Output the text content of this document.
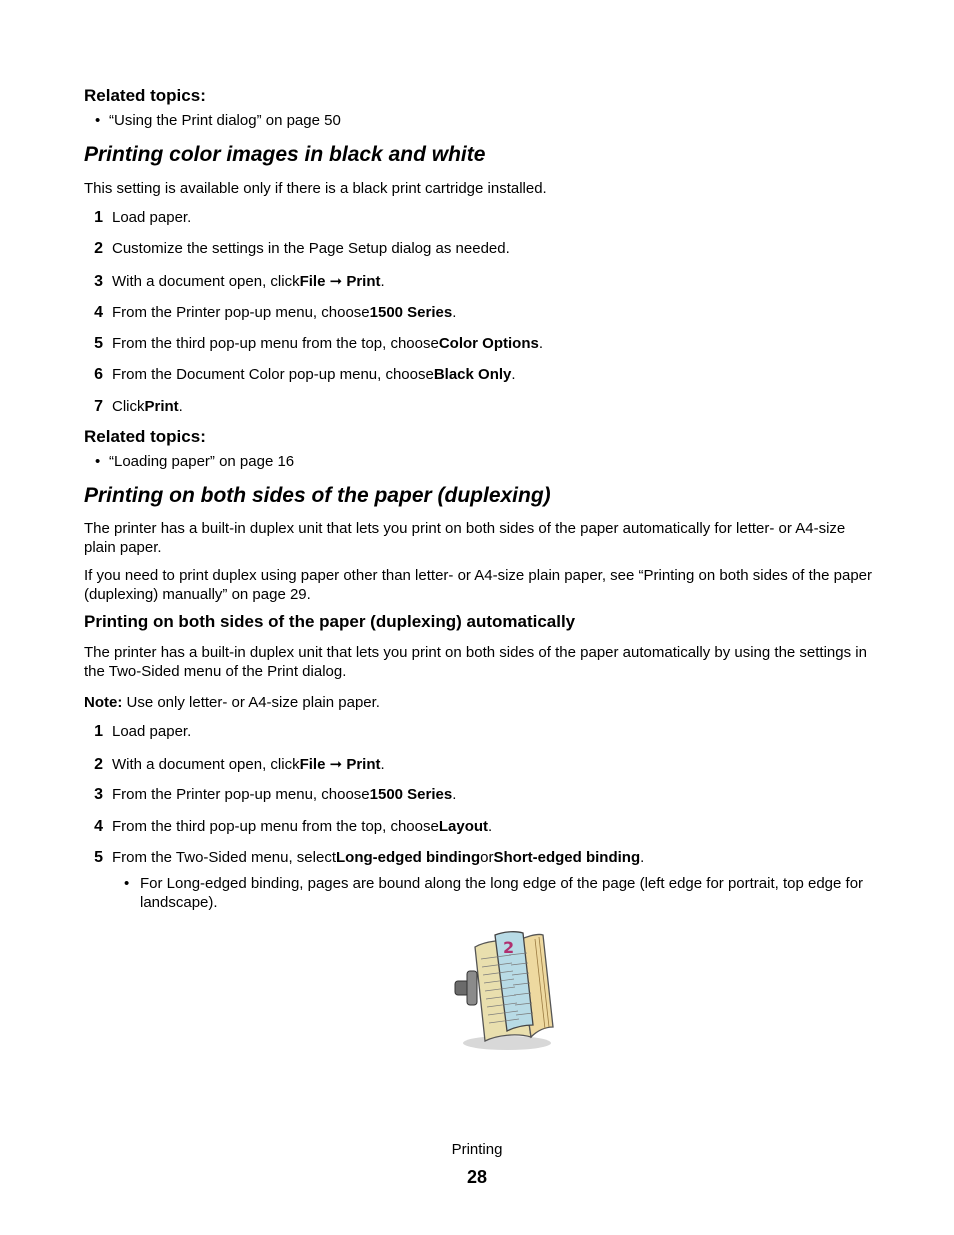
Related topics:
• “Using the Print dialog” on page 50
Printing color images in black and white
This setting is available only if there is a black print cartridge installed.
1 Load paper.
2 Customize the settings in the Page Setup dialog as needed.
3 With a document open, click File ➞ Print .
4 From the Printer pop-up menu, choose 1500 Series .
5 From the third pop-up menu from the top, choose Color Options .
6 From the Document Color pop-up menu, choose Black Only .
7 Click Print .
Related topics:
• “Loading paper” on page 16
Printing on both sides of the paper (duplexing)
The printer has a built-in duplex unit that lets you print on both sides of the paper automatically for letter- or A4-size plain paper.
If you need to print duplex using paper other than letter- or A4-size plain paper, see “Printing on both sides of the paper (duplexing) manually” on page 29.
Printing on both sides of the paper (duplexing) automatically
The printer has a built-in duplex unit that lets you print on both sides of the paper automatically by using the settings in the Two-Sided menu of the Print dialog.
Note: Use only letter- or A4-size plain paper.
1 Load paper.
2 With a document open, click File ➞ Print .
3 From the Printer pop-up menu, choose 1500 Series .
4 From the third pop-up menu from the top, choose Layout .
5 From the Two-Sided menu, select Long-edged binding or Short-edged binding .
• For Long-edged binding, pages are bound along the long edge of the page (left edge for portrait, top edge for landscape).
2
Printing
28
